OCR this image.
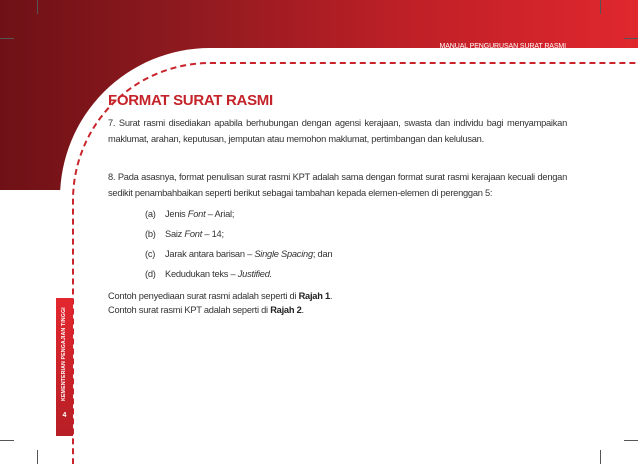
MANUAL PENGURUSAN SURAT RASMI
KEMENTERIAN PENGAJIAN TINGGI
4
FORMAT SURAT RASMI
7. Surat rasmi disediakan apabila berhubungan dengan agensi kerajaan, swasta dan individu bagi menyampaikan maklumat, arahan, keputusan, jemputan atau memohon maklumat, pertimbangan dan kelulusan.
8. Pada asasnya, format penulisan surat rasmi KPT adalah sama dengan format surat rasmi kerajaan kecuali dengan sedikit penambahbaikan seperti berikut sebagai tambahan kepada elemen-elemen di perenggan 5:
(a) Jenis Font – Arial;
(b) Saiz Font – 14;
(c) Jarak antara barisan – Single Spacing; dan
(d) Kedudukan teks – Justified.
Contoh penyediaan surat rasmi adalah seperti di Rajah 1.
Contoh surat rasmi KPT adalah seperti di Rajah 2.
